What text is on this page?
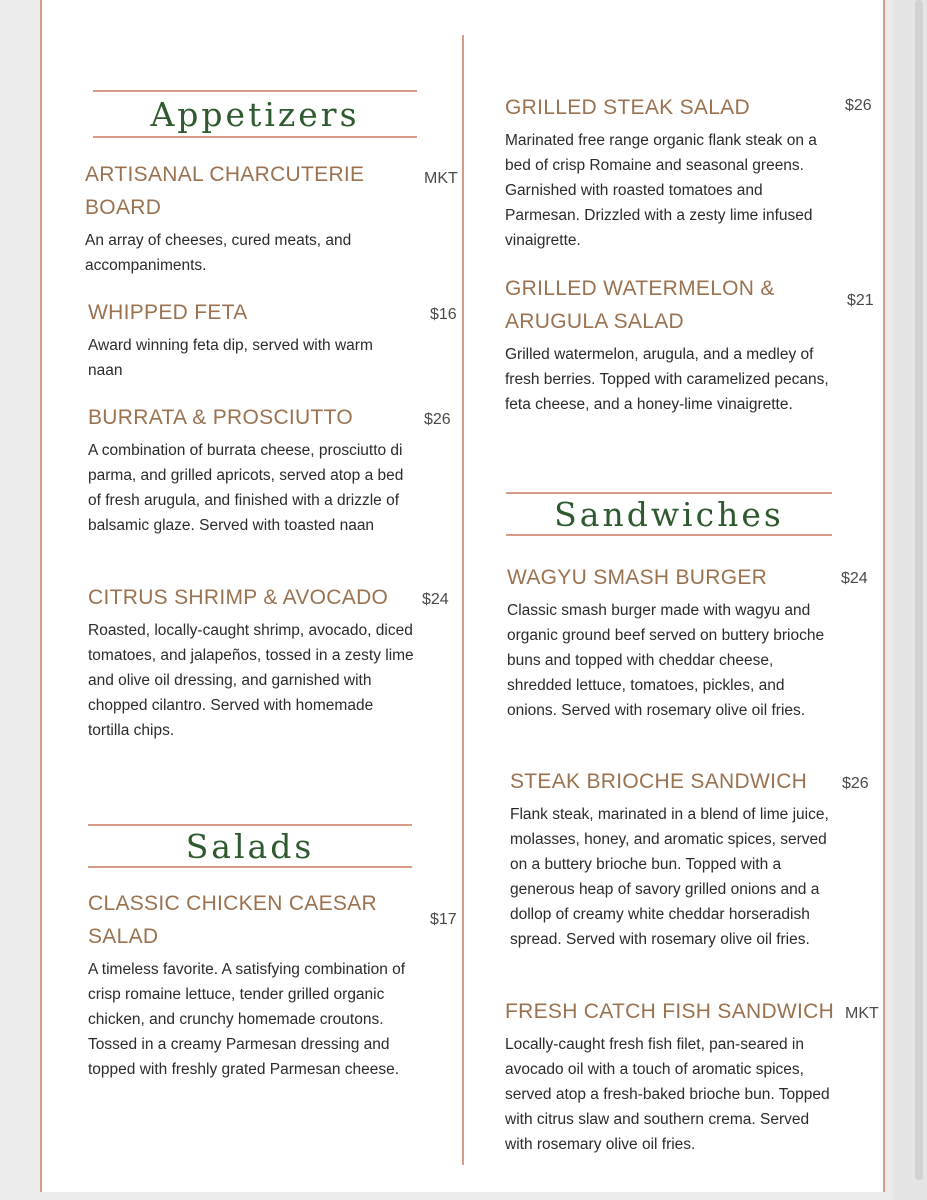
Appetizers
ARTISANAL CHARCUTERIE BOARD
An array of cheeses, cured meats, and accompaniments.
MKT
WHIPPED FETA
Award winning feta dip, served with warm naan
$16
BURRATA & PROSCIUTTO
A combination of burrata cheese, prosciutto di parma, and grilled apricots, served atop a bed of fresh arugula, and finished with a drizzle of balsamic glaze. Served with toasted naan
$26
CITRUS SHRIMP & AVOCADO
Roasted, locally-caught shrimp, avocado, diced tomatoes, and jalapeños, tossed in a zesty lime and olive oil dressing, and garnished with chopped cilantro. Served with homemade tortilla chips.
$24
Salads
CLASSIC CHICKEN CAESAR SALAD
A timeless favorite. A satisfying combination of crisp romaine lettuce, tender grilled organic chicken, and crunchy homemade croutons. Tossed in a creamy Parmesan dressing and topped with freshly grated Parmesan cheese.
$17
GRILLED STEAK SALAD
Marinated free range organic flank steak on a bed of crisp Romaine and seasonal greens. Garnished with roasted tomatoes and Parmesan. Drizzled with a zesty lime infused vinaigrette.
$26
GRILLED WATERMELON & ARUGULA SALAD
Grilled watermelon, arugula, and a medley of fresh berries. Topped with caramelized pecans, feta cheese, and a honey-lime vinaigrette.
$21
Sandwiches
WAGYU SMASH BURGER
Classic smash burger made with wagyu and organic ground beef served on buttery brioche buns and topped with cheddar cheese, shredded lettuce, tomatoes, pickles, and onions. Served with rosemary olive oil fries.
$24
STEAK BRIOCHE SANDWICH
Flank steak, marinated in a blend of lime juice, molasses, honey, and aromatic spices, served on a buttery brioche bun. Topped with a generous heap of savory grilled onions and a dollop of creamy white cheddar horseradish spread. Served with rosemary olive oil fries.
$26
FRESH CATCH FISH SANDWICH
Locally-caught fresh fish filet, pan-seared in avocado oil with a touch of aromatic spices, served atop a fresh-baked brioche bun. Topped with citrus slaw and southern crema. Served with rosemary olive oil fries.
MKT
